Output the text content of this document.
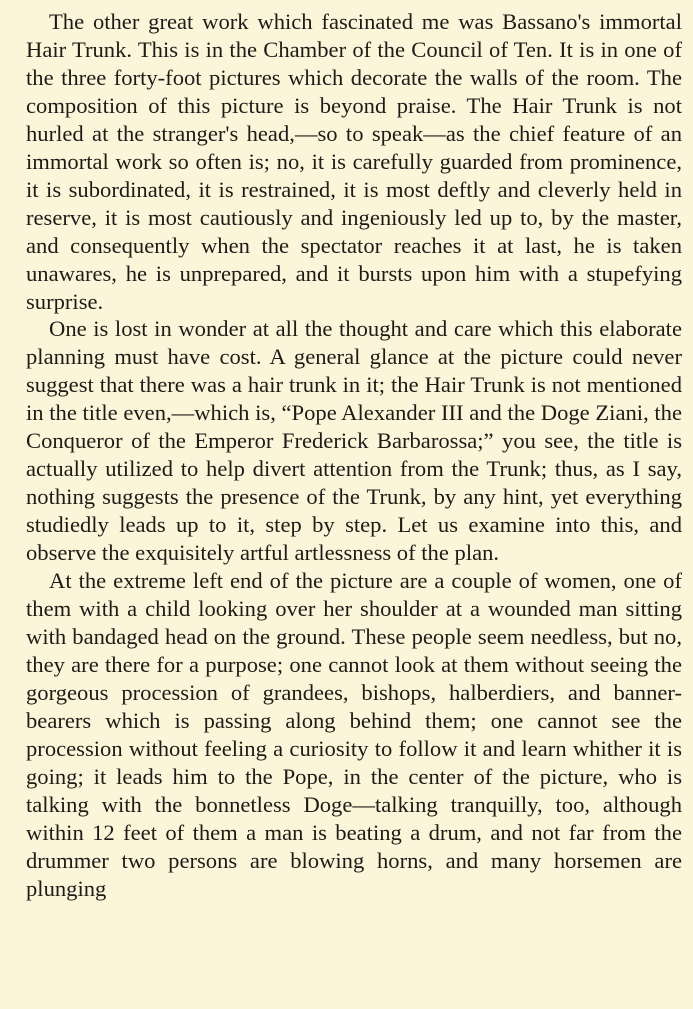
The other great work which fascinated me was Bassano's immortal Hair Trunk. This is in the Chamber of the Council of Ten. It is in one of the three forty-foot pictures which decorate the walls of the room. The composition of this picture is beyond praise. The Hair Trunk is not hurled at the stranger's head,—so to speak—as the chief feature of an immortal work so often is; no, it is carefully guarded from prominence, it is subordinated, it is restrained, it is most deftly and cleverly held in reserve, it is most cautiously and ingeniously led up to, by the master, and consequently when the spectator reaches it at last, he is taken unawares, he is unprepared, and it bursts upon him with a stupefying surprise.

One is lost in wonder at all the thought and care which this elaborate planning must have cost. A general glance at the picture could never suggest that there was a hair trunk in it; the Hair Trunk is not mentioned in the title even,—which is, “Pope Alexander III and the Doge Ziani, the Conqueror of the Emperor Frederick Barbarossa;” you see, the title is actually utilized to help divert attention from the Trunk; thus, as I say, nothing suggests the presence of the Trunk, by any hint, yet everything studiedly leads up to it, step by step. Let us examine into this, and observe the exquisitely artful artlessness of the plan.

At the extreme left end of the picture are a couple of women, one of them with a child looking over her shoulder at a wounded man sitting with bandaged head on the ground. These people seem needless, but no, they are there for a purpose; one cannot look at them without seeing the gorgeous procession of grandees, bishops, halberdiers, and banner-bearers which is passing along behind them; one cannot see the procession without feeling a curiosity to follow it and learn whither it is going; it leads him to the Pope, in the center of the picture, who is talking with the bonnetless Doge—talking tranquilly, too, although within 12 feet of them a man is beating a drum, and not far from the drummer two persons are blowing horns, and many horsemen are plunging
